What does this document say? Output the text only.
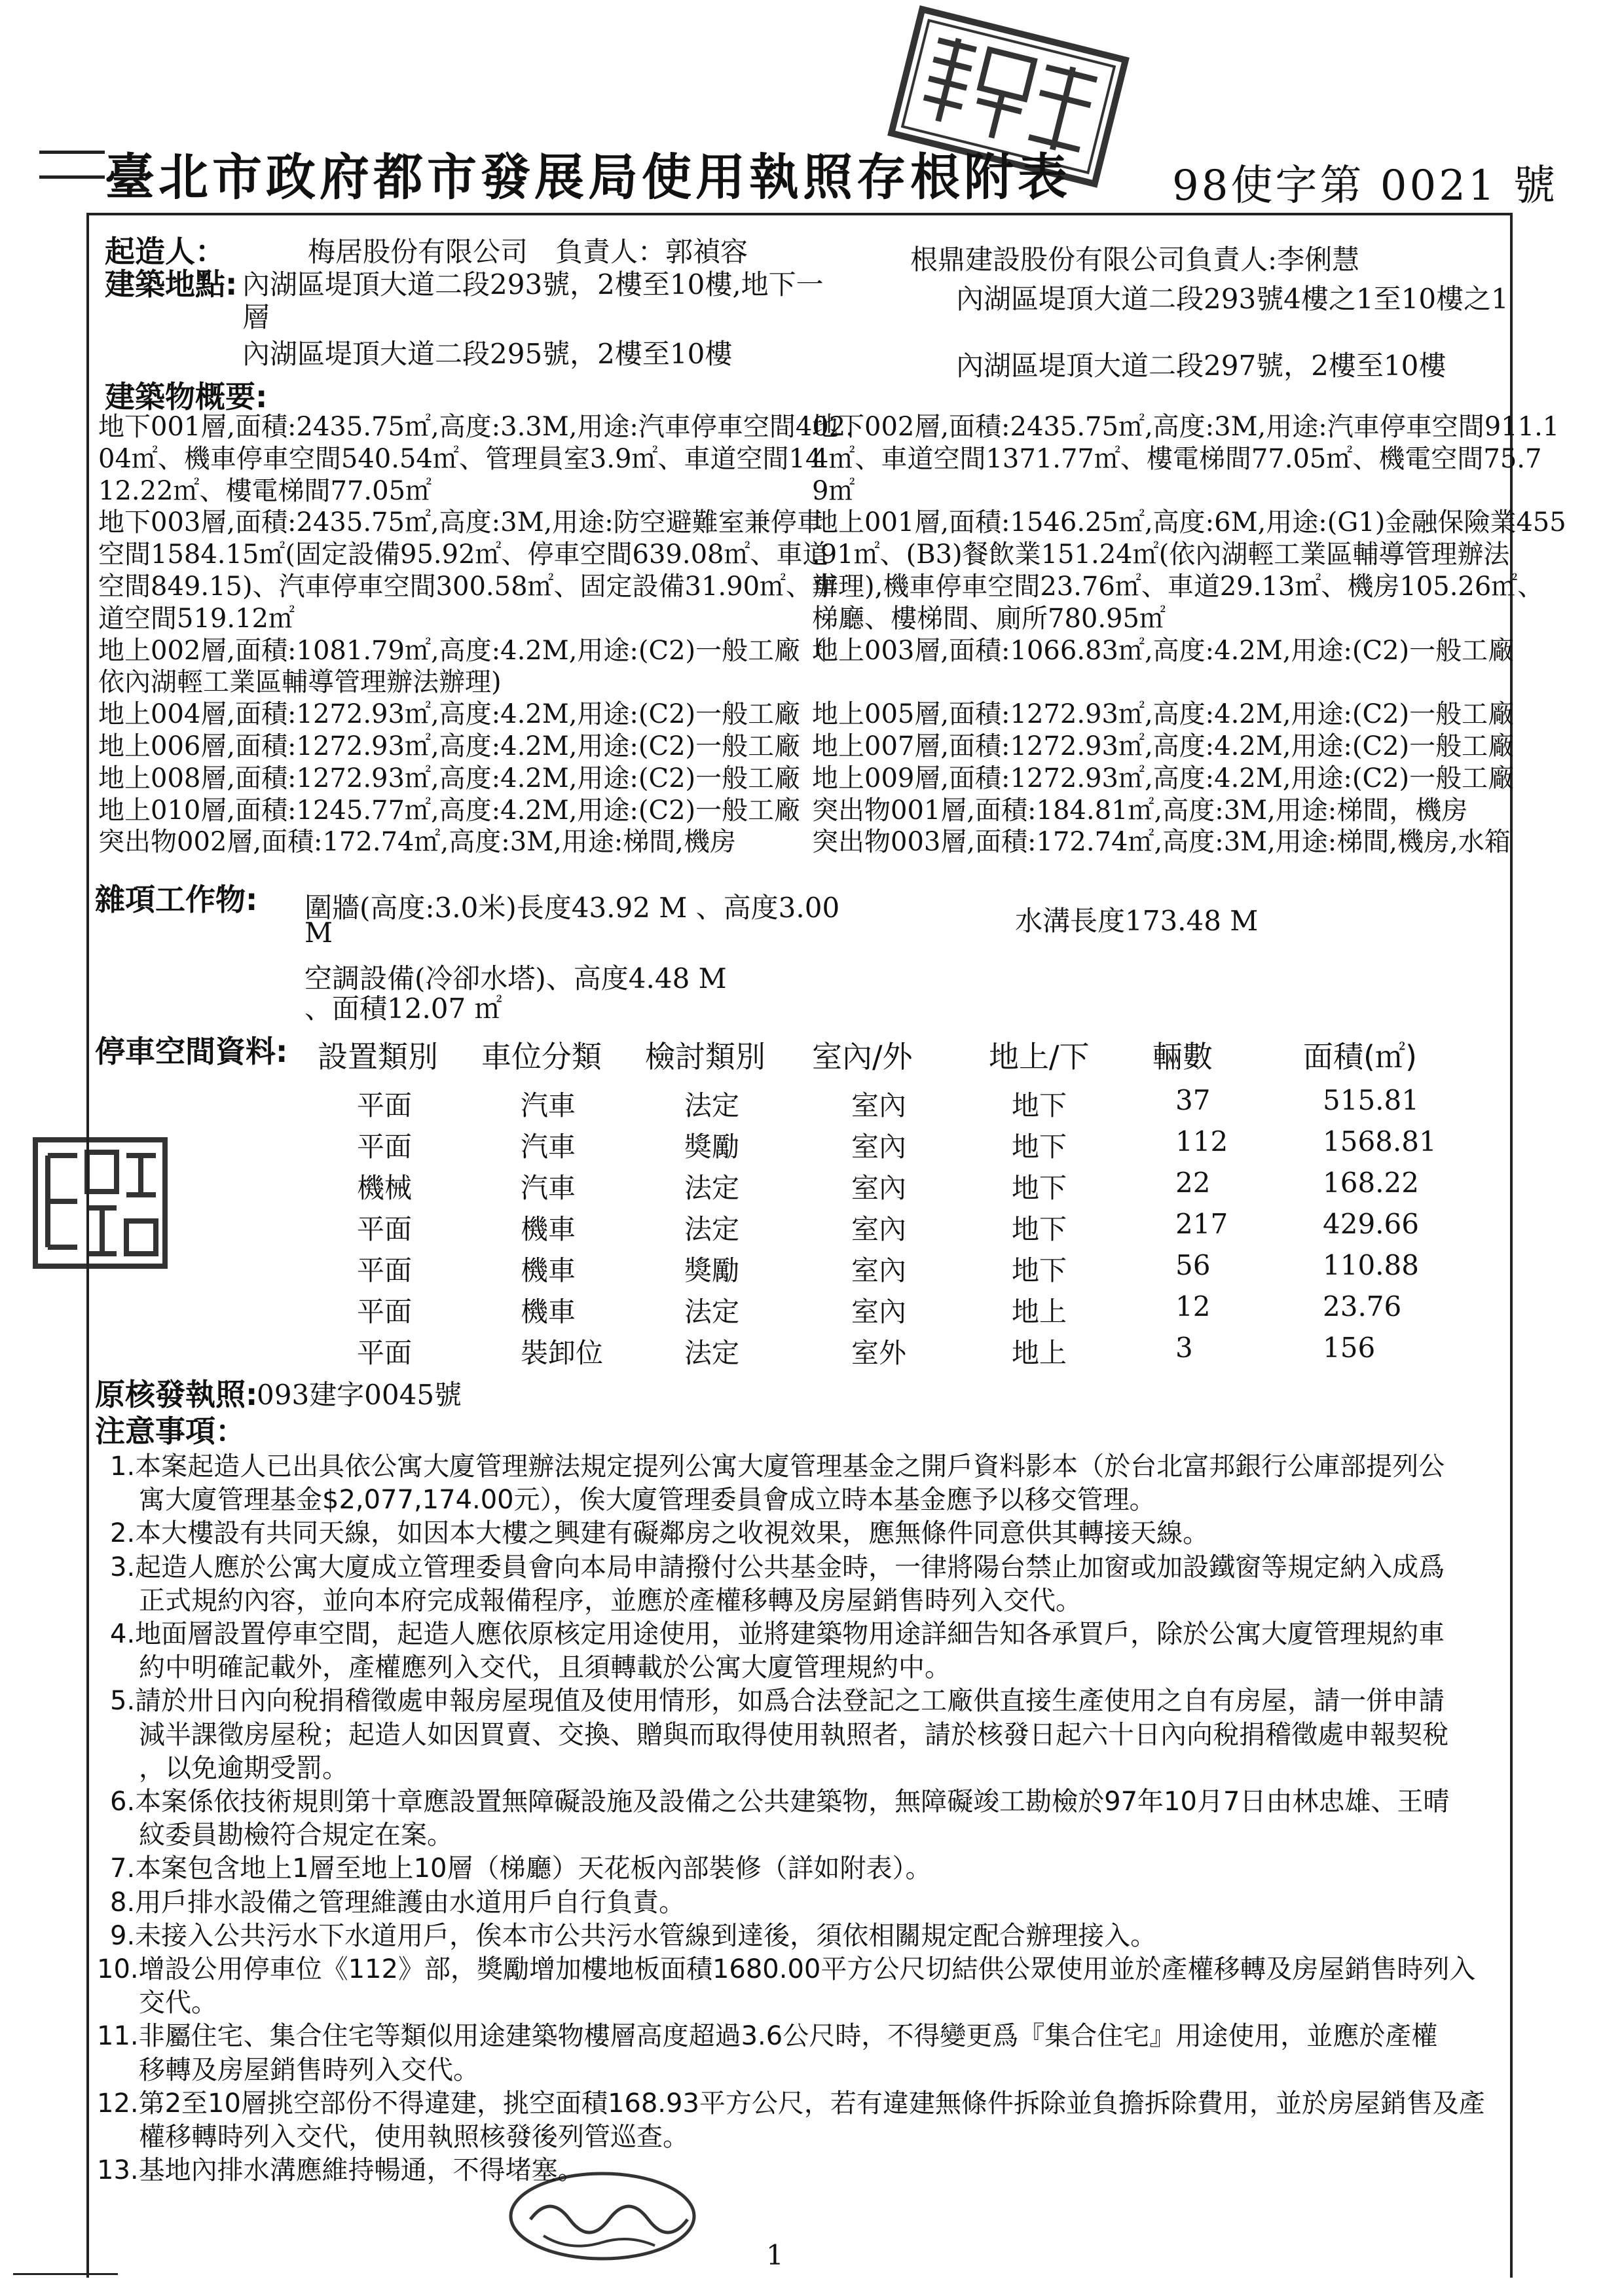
臺北市政府都市發展局使用執照存根附表 98使字第 0021 號
起造人：	梅居股份有限公司　負責人：郭禎容	根鼎建設股份有限公司負責人:李俐慧
建築地點: 內湖區堤頂大道二段293號，2樓至10樓,地下一
層
內湖區堤頂大道二段295號，2樓至10樓
內湖區堤頂大道二段293號4樓之1至10樓之1
內湖區堤頂大道二段297號，2樓至10樓
建築物概要:
地下001層,面積:2435.75㎡,高度:3.3M,用途:汽車停車空間402.
04㎡、機車停車空間540.54㎡、管理員室3.9㎡、車道空間14
12.22㎡、樓電梯間77.05㎡
地下003層,面積:2435.75㎡,高度:3M,用途:防空避難室兼停車
空間1584.15㎡(固定設備95.92㎡、停車空間639.08㎡、車道
空間849.15)、汽車停車空間300.58㎡、固定設備31.90㎡、車
道空間519.12㎡
地上002層,面積:1081.79㎡,高度:4.2M,用途:(C2)一般工廠（
依內湖輕工業區輔導管理辦法辦理)
地上004層,面積:1272.93㎡,高度:4.2M,用途:(C2)一般工廠
地上006層,面積:1272.93㎡,高度:4.2M,用途:(C2)一般工廠
地上008層,面積:1272.93㎡,高度:4.2M,用途:(C2)一般工廠
地上010層,面積:1245.77㎡,高度:4.2M,用途:(C2)一般工廠
突出物002層,面積:172.74㎡,高度:3M,用途:梯間,機房
地下002層,面積:2435.75㎡,高度:3M,用途:汽車停車空間911.1
4㎡、車道空間1371.77㎡、樓電梯間77.05㎡、機電空間75.7
9㎡
地上001層,面積:1546.25㎡,高度:6M,用途:(G1)金融保險業455
.91㎡、(B3)餐飲業151.24㎡(依內湖輕工業區輔導管理辦法
辦理),機車停車空間23.76㎡、車道29.13㎡、機房105.26㎡、
梯廳、樓梯間、廁所780.95㎡
地上003層,面積:1066.83㎡,高度:4.2M,用途:(C2)一般工廠
地上005層,面積:1272.93㎡,高度:4.2M,用途:(C2)一般工廠
地上007層,面積:1272.93㎡,高度:4.2M,用途:(C2)一般工廠
地上009層,面積:1272.93㎡,高度:4.2M,用途:(C2)一般工廠
突出物001層,面積:184.81㎡,高度:3M,用途:梯間，機房
突出物003層,面積:172.74㎡,高度:3M,用途:梯間,機房,水箱
雜項工作物: 圍牆(高度:3.0米)長度43.92 M 、高度3.00
M	水溝長度173.48 M
空調設備(冷卻水塔)、高度4.48 M
、面積12.07 ㎡
停車空間資料: 設置類別 車位分類 檢討類別 室內/外	地上/下 輛數	面積(㎡)
平面	汽車	法定	室內	地下	37	515.81
平面	汽車	獎勵	室內	地下	112	1568.81
機械	汽車	法定	室內	地下	22	168.22
平面	機車	法定	室內	地下	217	429.66
平面	機車	獎勵	室內	地下	56	110.88
平面	機車	法定	室內	地上	12	23.76
平面	裝卸位	法定	室外	地上	3	156
原核發執照:
093建字0045號
注意事項：
1.本案起造人已出具依公寓大廈管理辦法規定提列公寓大廈管理基金之開戶資料影本（於台北富邦銀行公庫部提列公
寓大廈管理基金$2,077,174.00元），俟大廈管理委員會成立時本基金應予以移交管理。
2.本大樓設有共同天線，如因本大樓之興建有礙鄰房之收視效果，應無條件同意供其轉接天線。
3.起造人應於公寓大廈成立管理委員會向本局申請撥付公共基金時，一律將陽台禁止加窗或加設鐵窗等規定納入成爲
正式規約內容，並向本府完成報備程序，並應於產權移轉及房屋銷售時列入交代。
4.地面層設置停車空間，起造人應依原核定用途使用，並將建築物用途詳細告知各承買戶，除於公寓大廈管理規約車
約中明確記載外，產權應列入交代，且須轉載於公寓大廈管理規約中。
5.請於卅日內向稅捐稽徵處申報房屋現值及使用情形，如爲合法登記之工廠供直接生產使用之自有房屋，請一併申請
減半課徵房屋稅；起造人如因買賣、交換、贈與而取得使用執照者，請於核發日起六十日內向稅捐稽徵處申報契稅
，以免逾期受罰。
6.本案係依技術規則第十章應設置無障礙設施及設備之公共建築物，無障礙竣工勘檢於97年10月7日由林忠雄、王晴
紋委員勘檢符合規定在案。
7.本案包含地上1層至地上10層（梯廳）天花板內部裝修（詳如附表）。
8.用戶排水設備之管理維護由水道用戶自行負責。
9.未接入公共污水下水道用戶，俟本市公共污水管線到達後，須依相關規定配合辦理接入。
10.增設公用停車位《112》部，獎勵增加樓地板面積1680.00平方公尺切結供公眾使用並於產權移轉及房屋銷售時列入
交代。
11.非屬住宅、集合住宅等類似用途建築物樓層高度超過3.6公尺時，不得變更爲『集合住宅』用途使用，並應於產權
移轉及房屋銷售時列入交代。
12.第2至10層挑空部份不得違建，挑空面積168.93平方公尺，若有違建無條件拆除並負擔拆除費用，並於房屋銷售及產
權移轉時列入交代，使用執照核發後列管巡查。
13.基地內排水溝應維持暢通，不得堵塞。
1
